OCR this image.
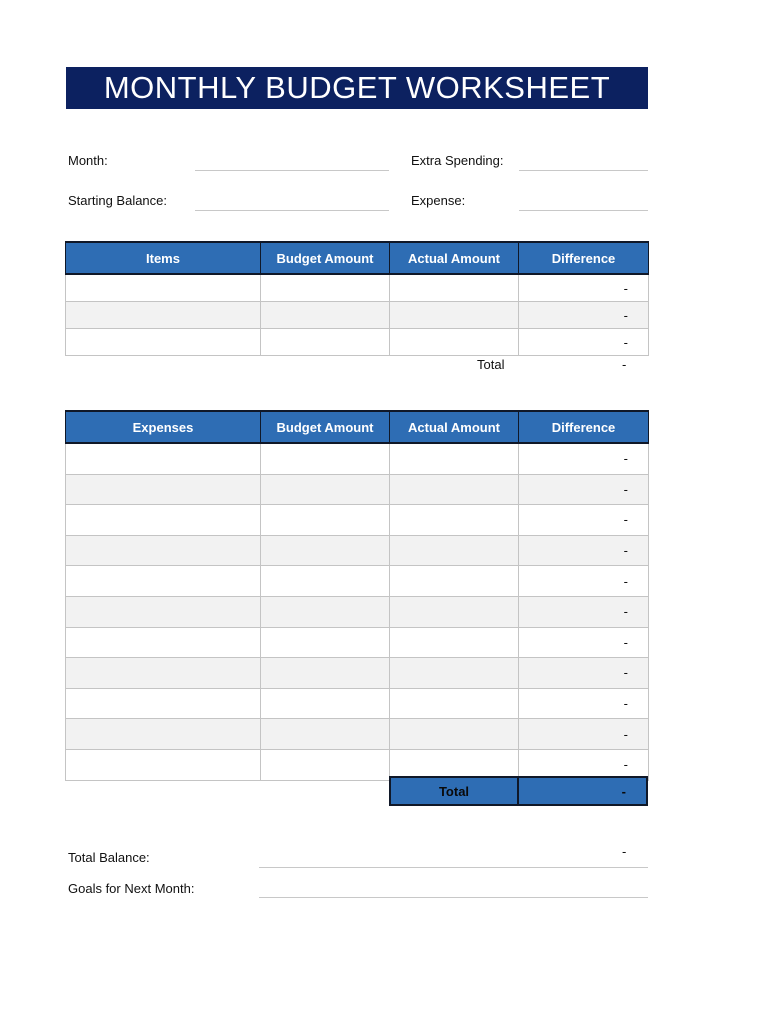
MONTHLY BUDGET WORKSHEET
Month:
Starting Balance:
Extra Spending:
Expense:
Items	Budget Amount	Actual Amount	Difference
			-
			-
			-
Total	-
Expenses	Budget Amount	Actual Amount	Difference
			-
			-
			-
			-
			-
			-
			-
			-
			-
			-
			-
Total	-
Total Balance:	-
Goals for Next Month:
